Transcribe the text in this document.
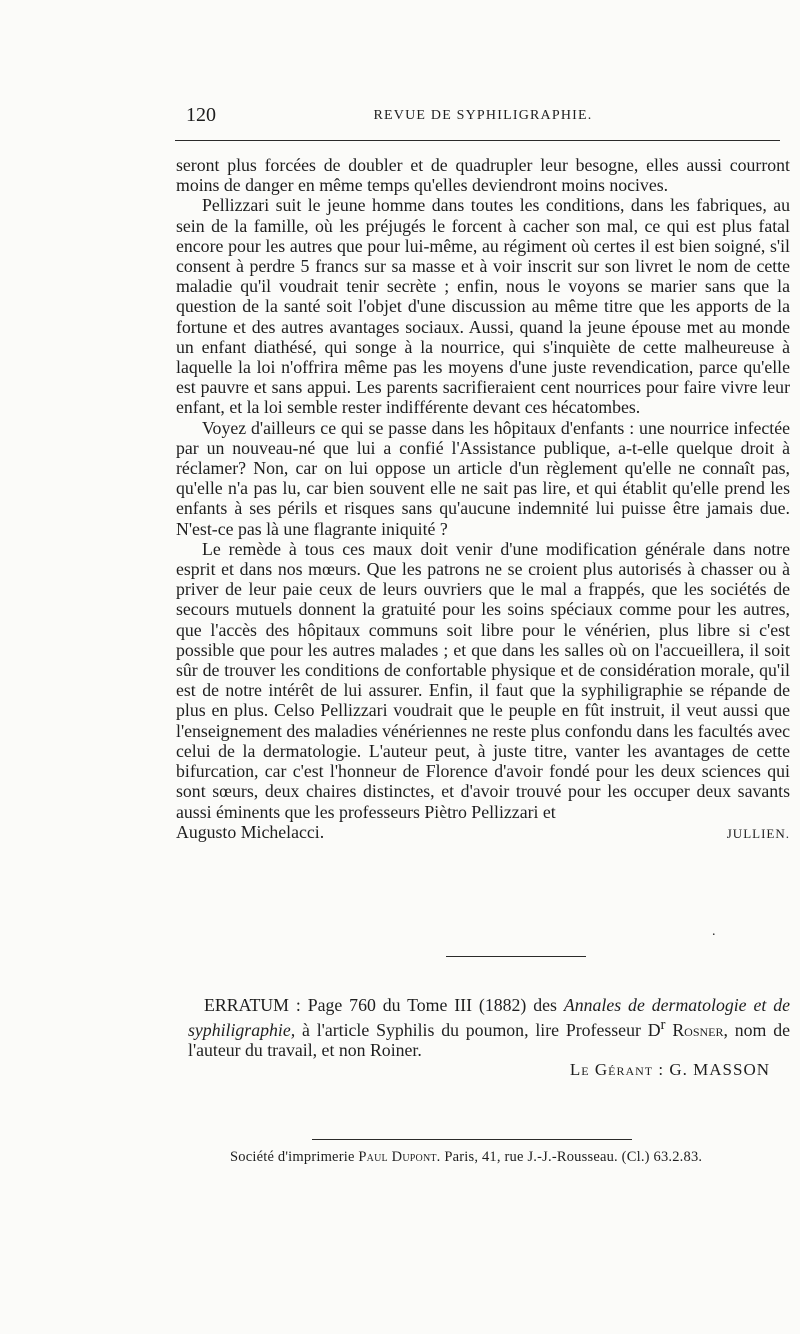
120	REVUE DE SYPHILIGRAPHIE.

seront plus forcées de doubler et de quadrupler leur besogne, elles aussi courront moins de danger en même temps qu'elles deviendront moins nocives.

Pellizzari suit le jeune homme dans toutes les conditions, dans les fabriques, au sein de la famille, où les préjugés le forcent à cacher son mal, ce qui est plus fatal encore pour les autres que pour lui-même, au régiment où certes il est bien soigné, s'il consent à perdre 5 francs sur sa masse et à voir inscrit sur son livret le nom de cette maladie qu'il voudrait tenir secrète ; enfin, nous le voyons se marier sans que la question de la santé soit l'objet d'une discussion au même titre que les apports de la fortune et des autres avantages sociaux. Aussi, quand la jeune épouse met au monde un enfant diathésé, qui songe à la nourrice, qui s'inquiète de cette malheureuse à laquelle la loi n'offrira même pas les moyens d'une juste revendication, parce qu'elle est pauvre et sans appui. Les parents sacrifieraient cent nourrices pour faire vivre leur enfant, et la loi semble rester indifférente devant ces hécatombes.

Voyez d'ailleurs ce qui se passe dans les hôpitaux d'enfants : une nourrice infectée par un nouveau-né que lui a confié l'Assistance publique, a-t-elle quelque droit à réclamer? Non, car on lui oppose un article d'un règlement qu'elle ne connaît pas, qu'elle n'a pas lu, car bien souvent elle ne sait pas lire, et qui établit qu'elle prend les enfants à ses périls et risques sans qu'aucune indemnité lui puisse être jamais due. N'est-ce pas là une flagrante iniquité ?

Le remède à tous ces maux doit venir d'une modification générale dans notre esprit et dans nos mœurs. Que les patrons ne se croient plus autorisés à chasser ou à priver de leur paie ceux de leurs ouvriers que le mal a frappés, que les sociétés de secours mutuels donnent la gratuité pour les soins spéciaux comme pour les autres, que l'accès des hôpitaux communs soit libre pour le vénérien, plus libre si c'est possible que pour les autres malades ; et que dans les salles où on l'accueillera, il soit sûr de trouver les conditions de confortable physique et de considération morale, qu'il est de notre intérêt de lui assurer. Enfin, il faut que la syphiligraphie se répande de plus en plus. Celso Pellizzari voudrait que le peuple en fût instruit, il veut aussi que l'enseignement des maladies vénériennes ne reste plus confondu dans les facultés avec celui de la dermatologie. L'auteur peut, à juste titre, vanter les avantages de cette bifurcation, car c'est l'honneur de Florence d'avoir fondé pour les deux sciences qui sont sœurs, deux chaires distinctes, et d'avoir trouvé pour les occuper deux savants aussi éminents que les professeurs Piètro Pellizzari et

Augusto Michelacci.	JULLIEN.
.

ERRATUM : Page 760 du Tome III (1882) des Annales de dermatologie et de syphiligraphie, à l'article Syphilis du poumon, lire Professeur $D^r$ Rosner, nom de l'auteur du travail, et non Roiner.

Le Gérant : G. MASSON
Société d'imprimerie Paul Dupont. Paris, 41, rue J.-J.-Rousseau. (Cl.) 63.2.83.
